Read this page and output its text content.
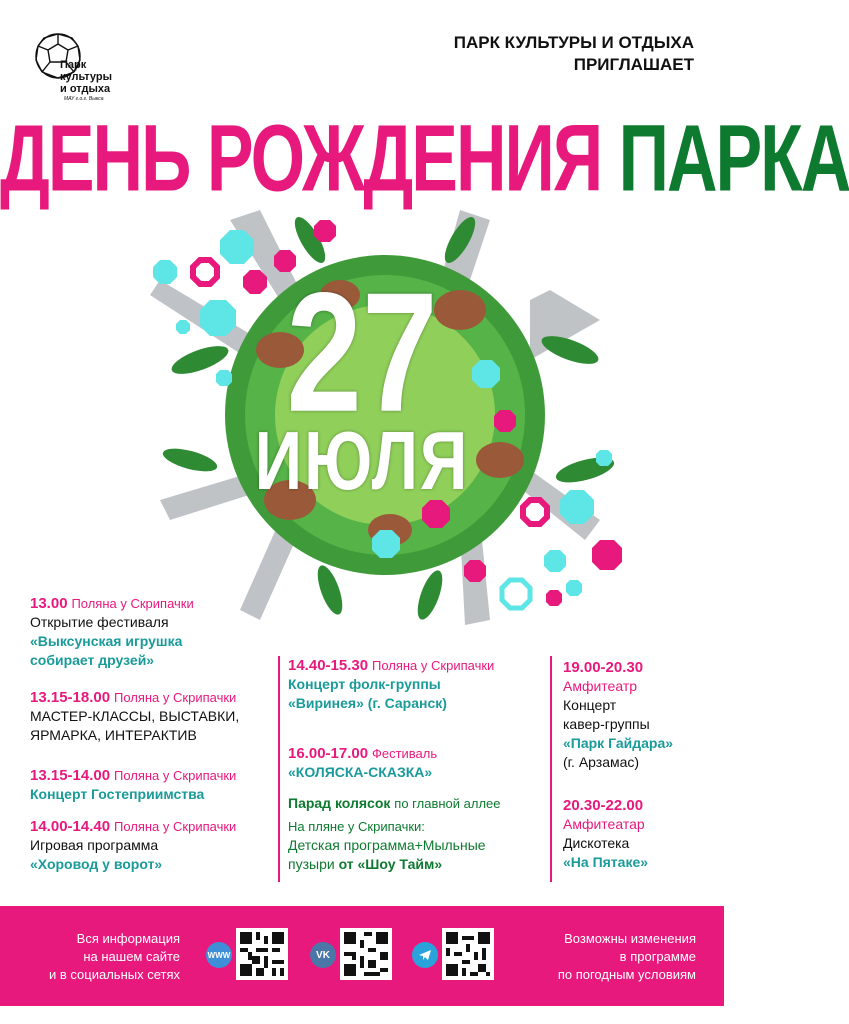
Парк
культуры
и отдыха
МАУ г.о.г. Выкса
ПАРК КУЛЬТУРЫ И ОТДЫХА
ПРИГЛАШАЕТ
ДЕНЬ РОЖДЕНИЯ ПАРКА
27
ИЮЛЯ
13.00 Поляна у Скрипачки
Открытие фестиваля
«Выксунская игрушка собирает друзей»
13.15-18.00 Поляна у Скрипачки
МАСТЕР-КЛАССЫ, ВЫСТАВКИ,
ЯРМАРКА, ИНТЕРАКТИВ
13.15-14.00 Поляна у Скрипачки
Концерт Гостеприимства
14.00-14.40 Поляна у Скрипачки
Игровая программа
«Хоровод у ворот»
14.40-15.30 Поляна у Скрипачки
Концерт фолк-группы
«Виринея» (г. Саранск)
16.00-17.00 Фестиваль
«КОЛЯСКА-СКАЗКА»
Парад колясок по главной аллее
На пляне у Скрипачки:
Детская программа+Мыльные
пузыри от «Шоу Тайм»
19.00-20.30
Амфитеатр
Концерт
кавер-группы
«Парк Гайдара»
(г. Арзамас)
20.30-22.00
Амфитеатар
Дискотека
«На Пятаке»
Вся информация
на нашем сайте
и в социальных сетях
Возможны изменения
в программе
по погодным условиям
WWW	VK
